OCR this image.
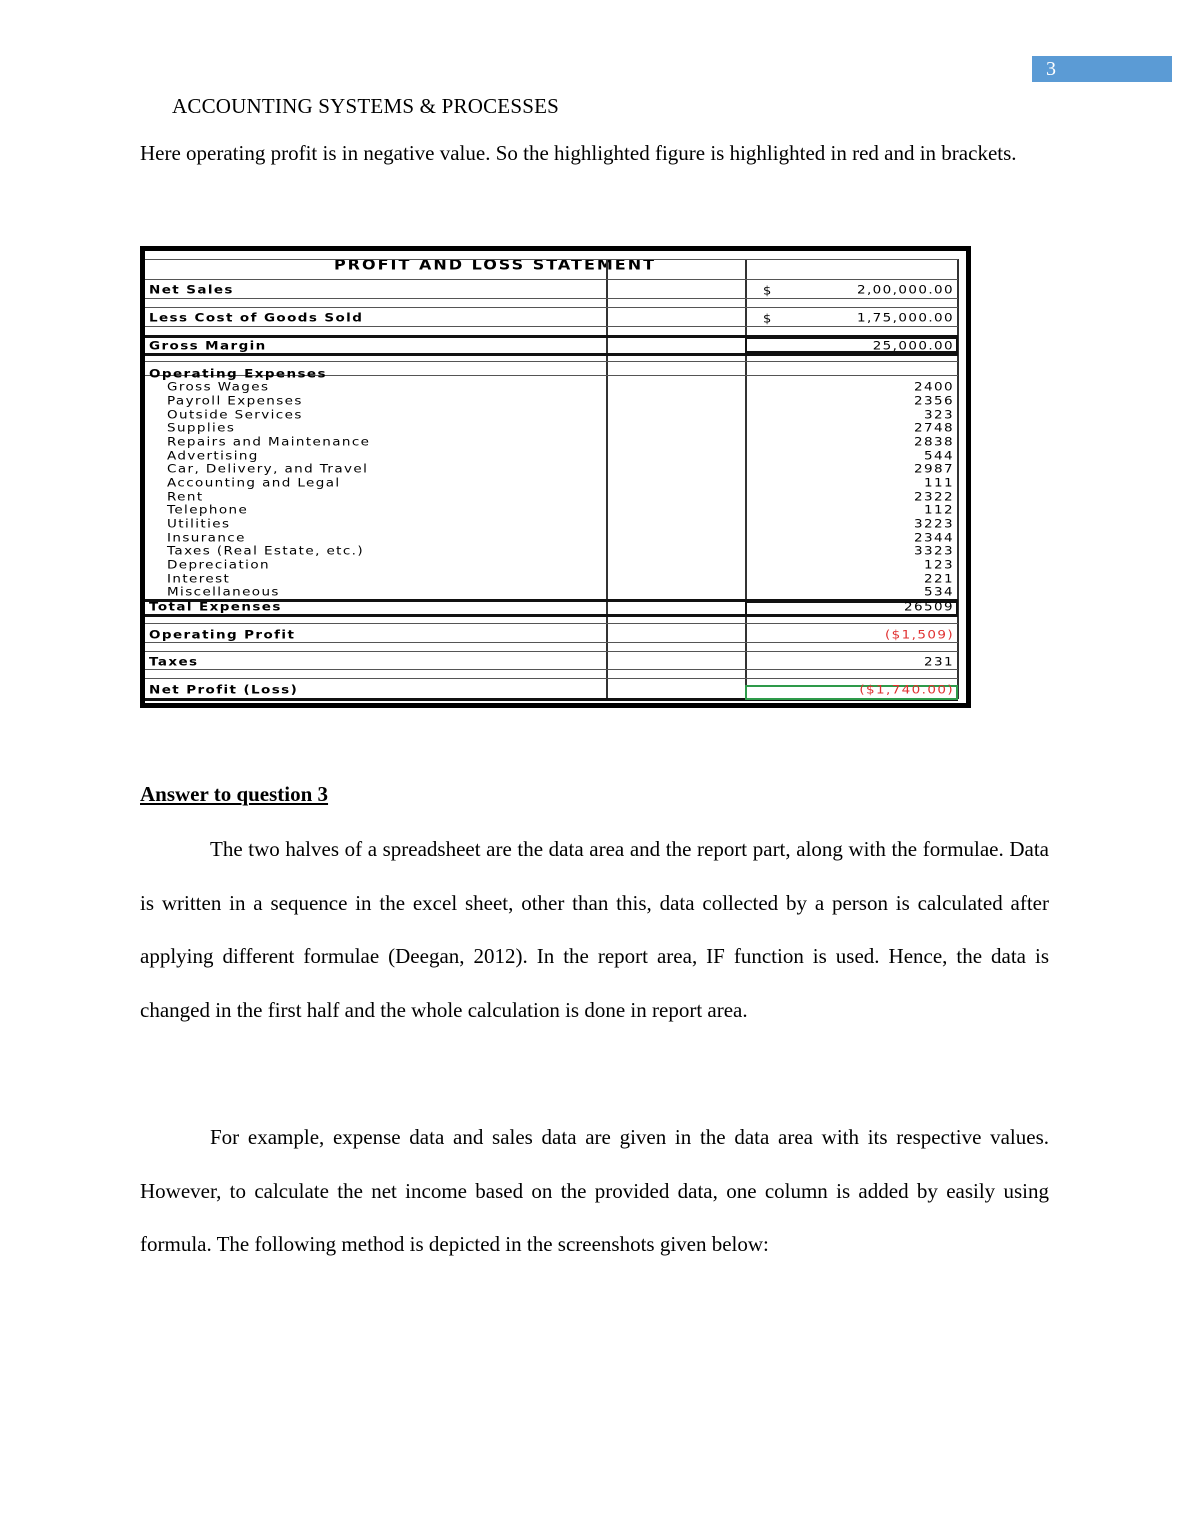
3
ACCOUNTING SYSTEMS & PROCESSES
Here operating profit is in negative value. So the highlighted figure is highlighted in red and in brackets.
PROFIT AND LOSS STATEMENT
Net Sales	$	2,00,000.00
Less Cost of Goods Sold	$	1,75,000.00
Gross Margin	25,000.00
Operating Expenses
Gross Wages	2400
Payroll Expenses	2356
Outside Services	323
Supplies	2748
Repairs and Maintenance	2838
Advertising	544
Car, Delivery, and Travel	2987
Accounting and Legal	111
Rent	2322
Telephone	112
Utilities	3223
Insurance	2344
Taxes (Real Estate, etc.)	3323
Depreciation	123
Interest	221
Miscellaneous	534
Total Expenses	26509
Operating Profit	($1,509)
Taxes	231
Net Profit (Loss)	($1,740.00)
Answer to question 3
The two halves of a spreadsheet are the data area and the report part, along with the formulae. Data is written in a sequence in the excel sheet, other than this, data collected by a person is calculated after applying different formulae (Deegan, 2012). In the report area, IF function is used. Hence, the data is changed in the first half and the whole calculation is done in report area.
For example, expense data and sales data are given in the data area with its respective values. However, to calculate the net income based on the provided data, one column is added by easily using formula. The following method is depicted in the screenshots given below:
